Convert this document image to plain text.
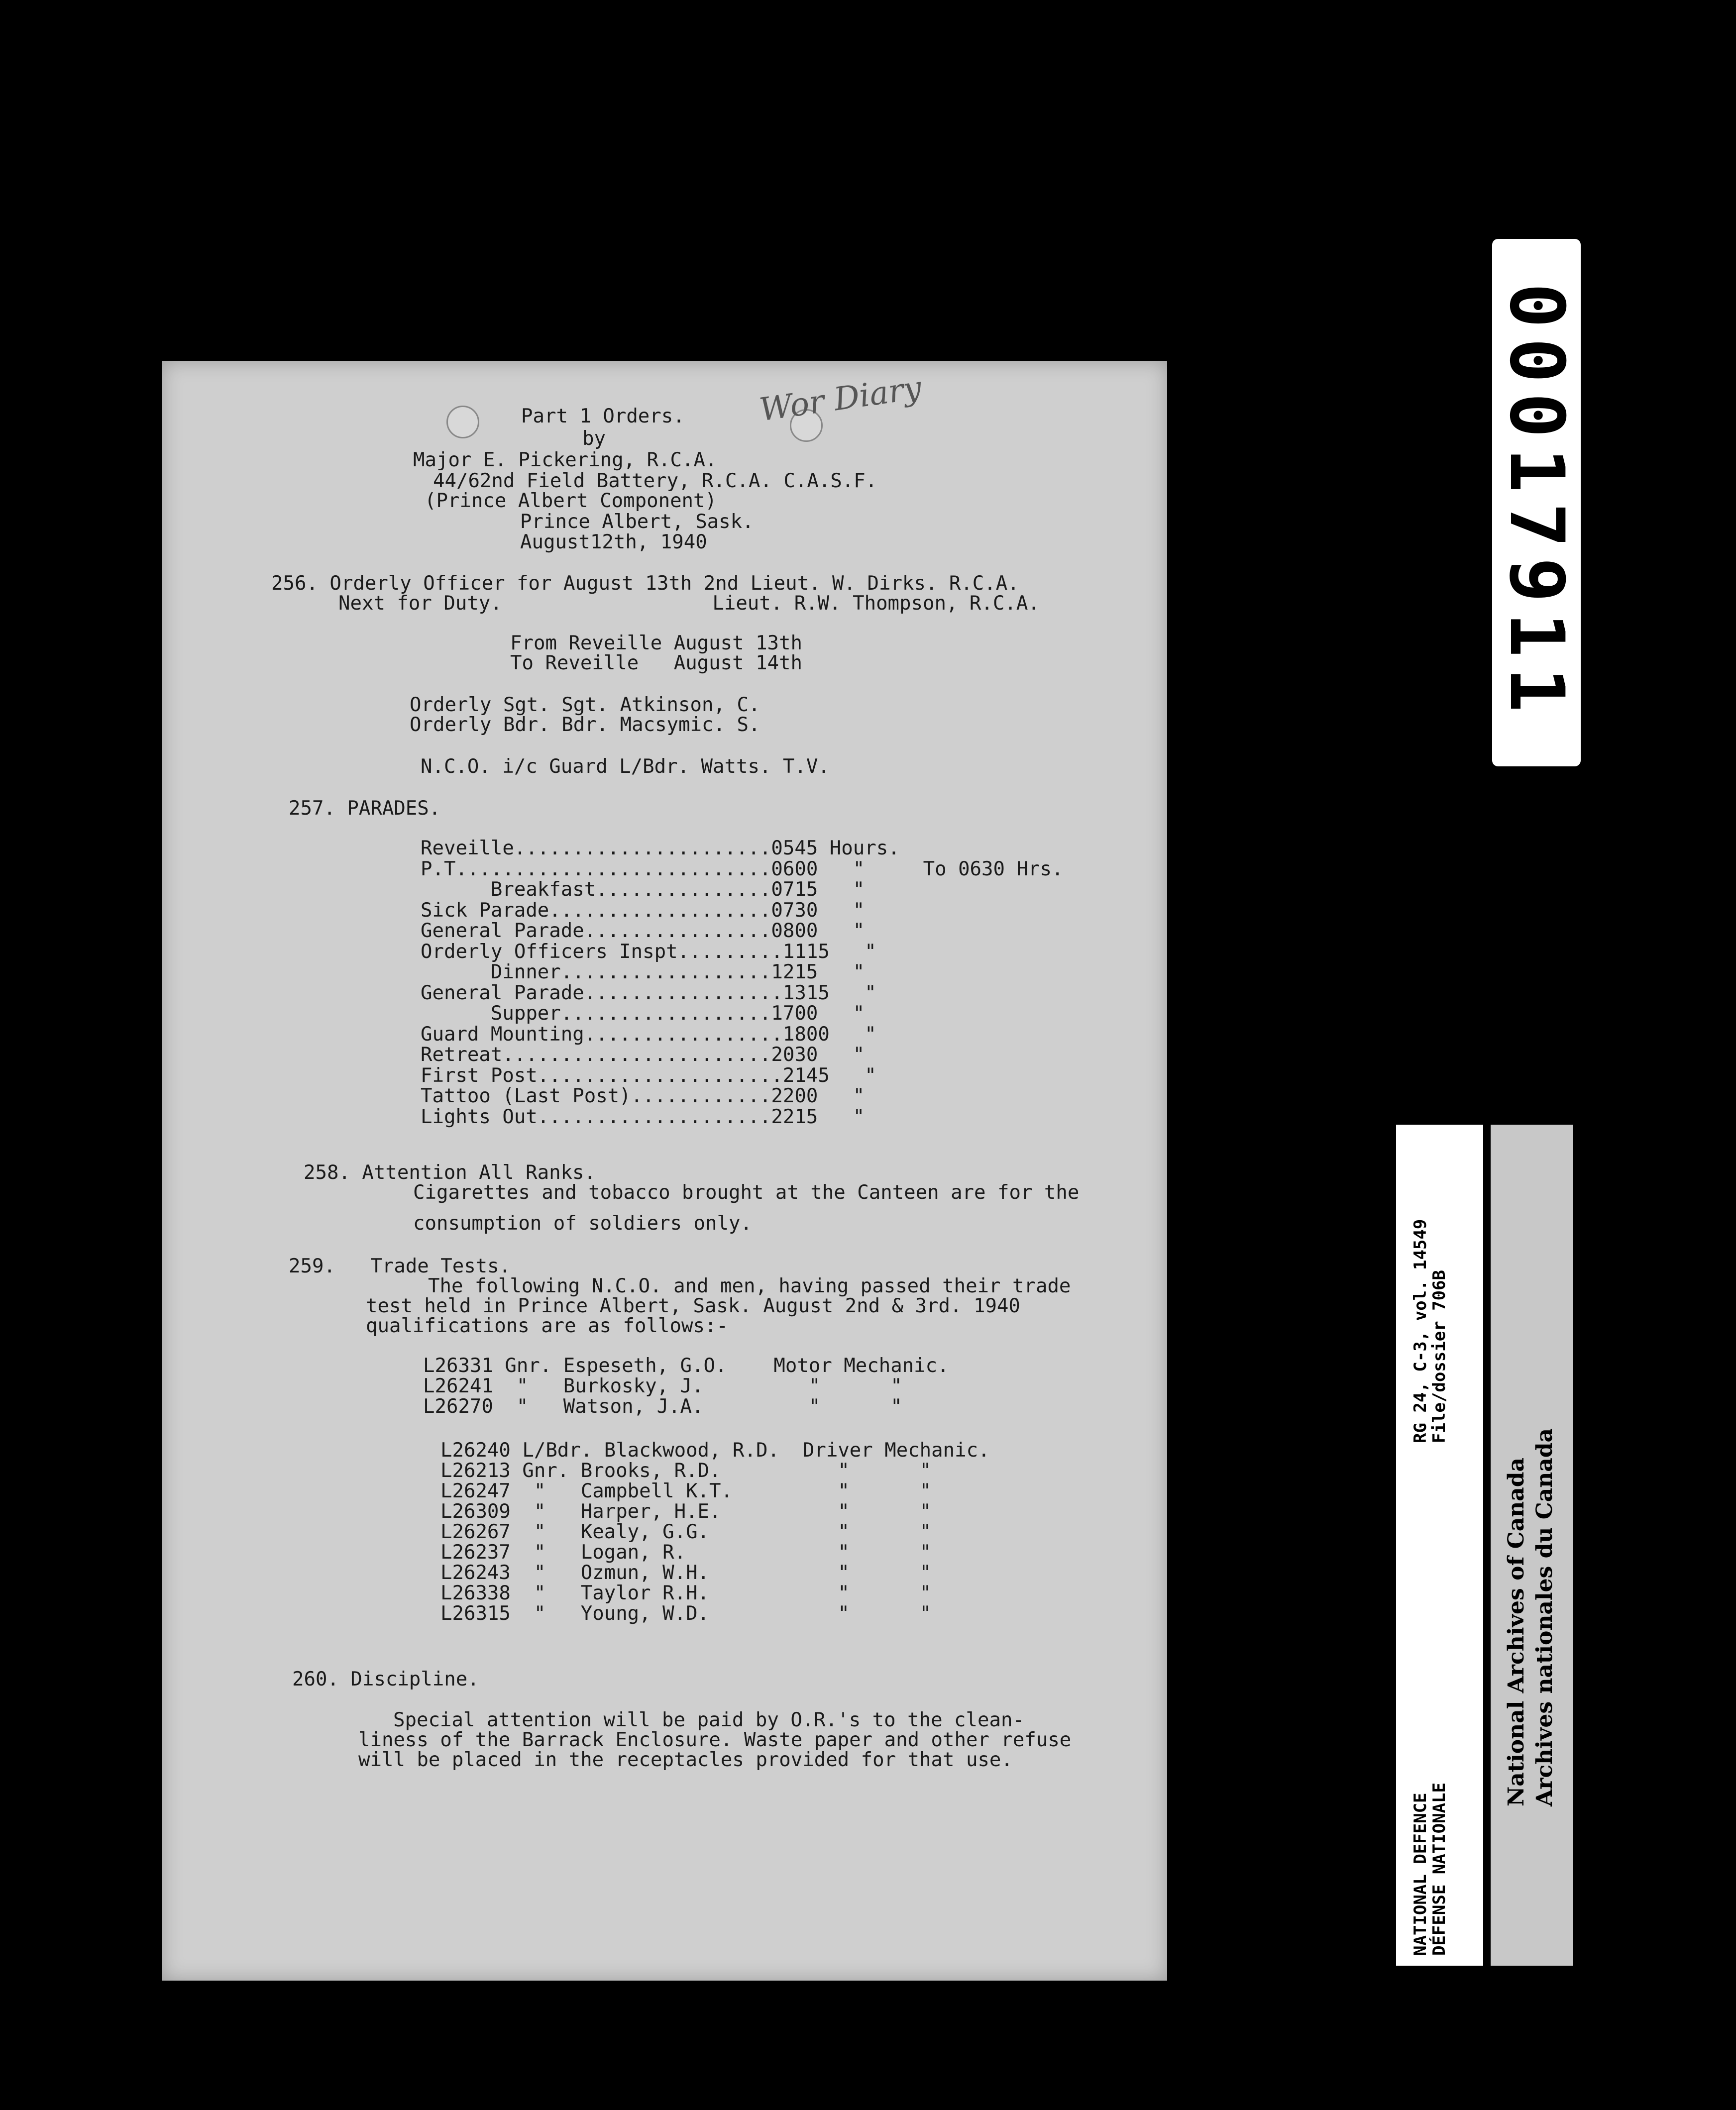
Wor Diary
Part 1 Orders.
by
Major E. Pickering, R.C.A.
44/62nd Field Battery, R.C.A. C.A.S.F.
(Prince Albert Component)
Prince Albert, Sask.
August12th, 1940
256. Orderly Officer for August 13th 2nd Lieut. W. Dirks. R.C.A.
Next for Duty.                  Lieut. R.W. Thompson, R.C.A.
From Reveille August 13th
To Reveille   August 14th
Orderly Sgt. Sgt. Atkinson, C.
Orderly Bdr. Bdr. Macsymic. S.
N.C.O. i/c Guard L/Bdr. Watts. T.V.
257. PARADES.
Reveille......................0545 Hours.
P.T...........................0600   "     To 0630 Hrs.
Breakfast...............0715   "
Sick Parade...................0730   "
General Parade................0800   "
Orderly Officers Inspt.........1115   "
Dinner..................1215   "
General Parade.................1315   "
Supper..................1700   "
Guard Mounting.................1800   "
Retreat.......................2030   "
First Post.....................2145   "
Tattoo (Last Post)............2200   "
Lights Out....................2215   "
258. Attention All Ranks.
Cigarettes and tobacco brought at the Canteen are for the
consumption of soldiers only.
259.   Trade Tests.
The following N.C.O. and men, having passed their trade
test held in Prince Albert, Sask. August 2nd & 3rd. 1940
qualifications are as follows:-
L26331 Gnr. Espeseth, G.O.    Motor Mechanic.
L26241  "   Burkosky, J.         "      "
L26270  "   Watson, J.A.         "      "
L26240 L/Bdr. Blackwood, R.D.  Driver Mechanic.
L26213 Gnr. Brooks, R.D.          "      "
L26247  "   Campbell K.T.         "      "
L26309  "   Harper, H.E.          "      "
L26267  "   Kealy, G.G.           "      "
L26237  "   Logan, R.             "      "
L26243  "   Ozmun, W.H.           "      "
L26338  "   Taylor R.H.           "      "
L26315  "   Young, W.D.           "      "
260. Discipline.
Special attention will be paid by O.R.'s to the clean-
liness of the Barrack Enclosure. Waste paper and other refuse
will be placed in the receptacles provided for that use.
00017911
NATIONAL DEFENCE
DÉFENSE NATIONALE
RG 24, C-3, vol. 14549
File/dossier 706B
National Archives of Canada Archives nationales du Canada
